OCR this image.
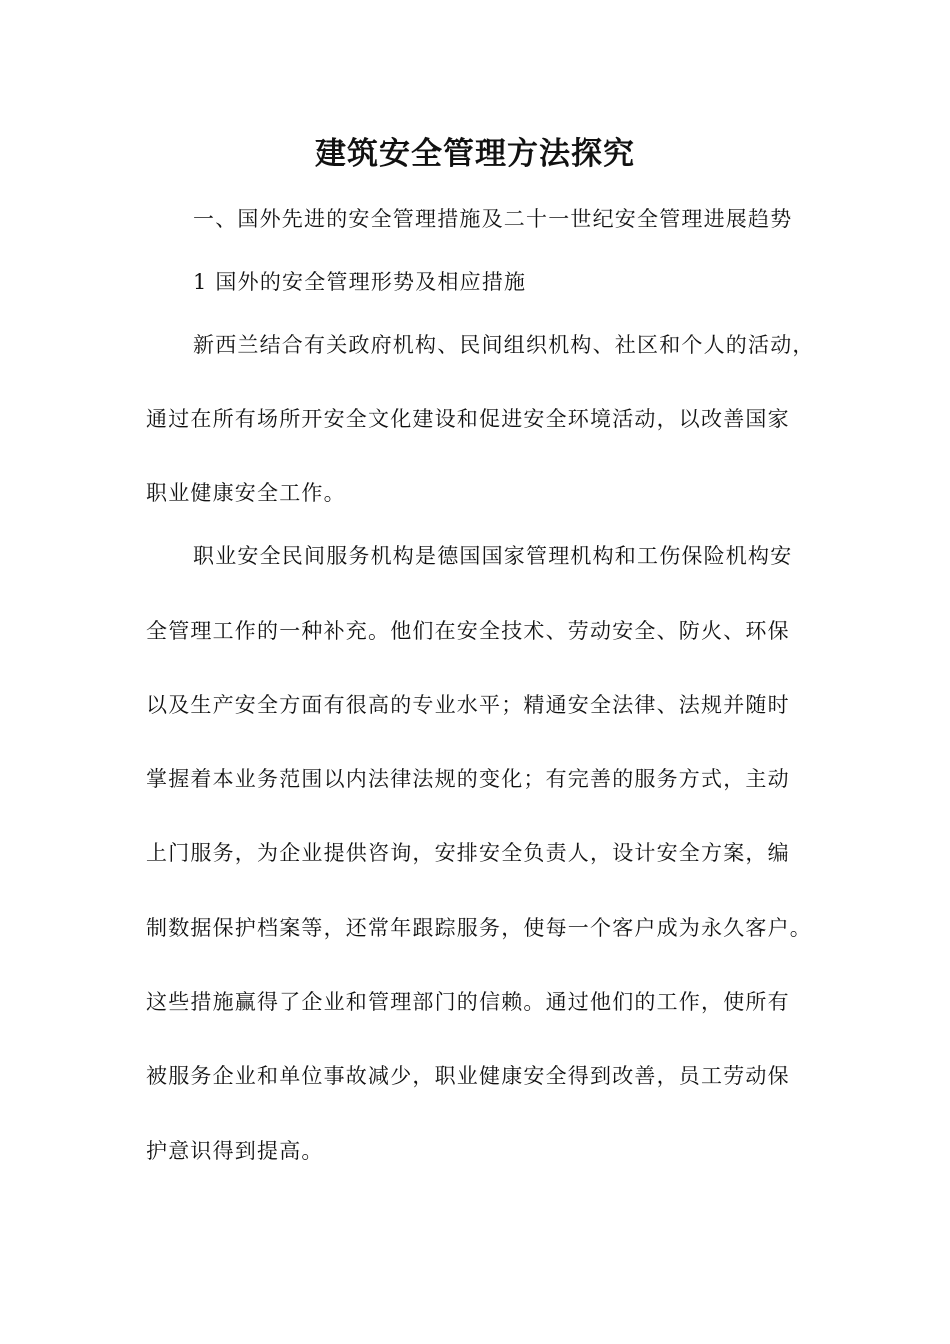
建筑安全管理方法探究

一、国外先进的安全管理措施及二十一世纪安全管理进展趋势

1 国外的安全管理形势及相应措施

新西兰结合有关政府机构、民间组织机构、社区和个人的活动，

通过在所有场所开安全文化建设和促进安全环境活动，以改善国家

职业健康安全工作。

职业安全民间服务机构是德国国家管理机构和工伤保险机构安

全管理工作的一种补充。他们在安全技术、劳动安全、防火、环保

以及生产安全方面有很高的专业水平；精通安全法律、法规并随时

掌握着本业务范围以内法律法规的变化；有完善的服务方式，主动

上门服务，为企业提供咨询，安排安全负责人，设计安全方案，编

制数据保护档案等，还常年跟踪服务，使每一个客户成为永久客户。

这些措施赢得了企业和管理部门的信赖。通过他们的工作，使所有

被服务企业和单位事故减少，职业健康安全得到改善，员工劳动保

护意识得到提高。
